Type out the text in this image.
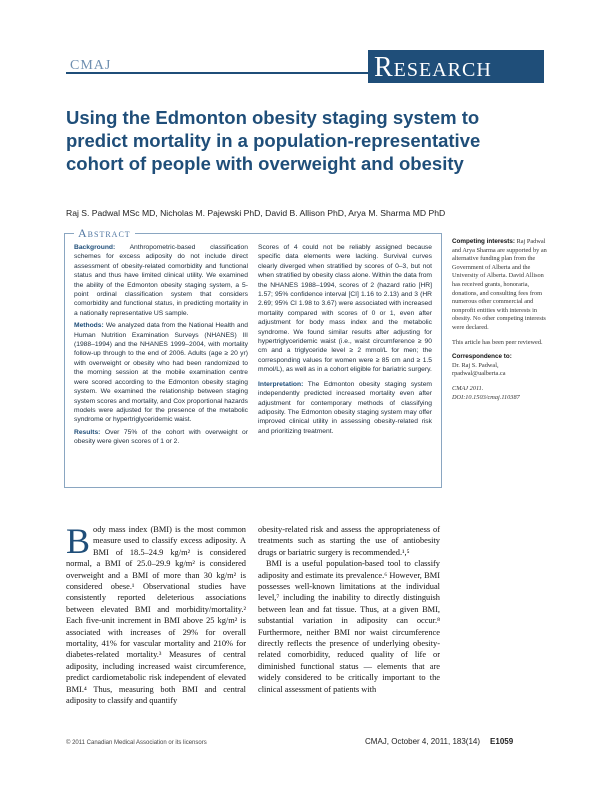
CMAJ	Research
Using the Edmonton obesity staging system to predict mortality in a population-representative cohort of people with overweight and obesity
Raj S. Padwal MSc MD, Nicholas M. Pajewski PhD, David B. Allison PhD, Arya M. Sharma MD PhD
Abstract

Background: Anthropometric-based classification schemes for excess adiposity do not include direct assessment of obesity-related comorbidity and functional status and thus have limited clinical utility. We examined the ability of the Edmonton obesity staging system, a 5-point ordinal classification system that considers comorbidity and functional status, in predicting mortality in a nationally representative US sample.

Methods: We analyzed data from the National Health and Human Nutrition Examination Surveys (NHANES) III (1988–1994) and the NHANES 1999–2004, with mortality follow-up through to the end of 2006. Adults (age ≥ 20 yr) with overweight or obesity who had been randomized to the morning session at the mobile examination centre were scored according to the Edmonton obesity staging system. We examined the relationship between staging system scores and mortality, and Cox proportional hazards models were adjusted for the presence of the metabolic syndrome or hypertriglyceridemic waist.

Results: Over 75% of the cohort with overweight or obesity were given scores of 1 or 2.

Scores of 4 could not be reliably assigned because specific data elements were lacking. Survival curves clearly diverged when stratified by scores of 0–3, but not when stratified by obesity class alone. Within the data from the NHANES 1988–1994, scores of 2 (hazard ratio [HR] 1.57; 95% confidence interval [CI] 1.16 to 2.13) and 3 (HR 2.69; 95% CI 1.98 to 3.67) were associated with increased mortality compared with scores of 0 or 1, even after adjustment for body mass index and the metabolic syndrome. We found similar results after adjusting for hypertriglyceridemic waist (i.e., waist circumference ≥ 90 cm and a triglyceride level ≥ 2 mmol/L for men; the corresponding values for women were ≥ 85 cm and ≥ 1.5 mmol/L), as well as in a cohort eligible for bariatric surgery.

Interpretation: The Edmonton obesity staging system independently predicted increased mortality even after adjustment for contemporary methods of classifying adiposity. The Edmonton obesity staging system may offer improved clinical utility in assessing obesity-related risk and prioritizing treatment.

Competing interests: Raj Padwal and Arya Sharma are supported by an alternative funding plan from the Government of Alberta and the University of Alberta. David Allison has received grants, honoraria, donations, and consulting fees from numerous other commercial and nonprofit entities with interests in obesity. No other competing interests were declared.

This article has been peer reviewed.

Correspondence to:
Dr. Raj S. Padwal, rpadwal@ualberta.ca

CMAJ 2011. DOI:10.1503/cmaj.110387

Body mass index (BMI) is the most common measure used to classify excess adiposity. A BMI of 18.5–24.9 kg/m² is considered normal, a BMI of 25.0–29.9 kg/m² is considered overweight and a BMI of more than 30 kg/m² is considered obese.¹ Observational studies have consistently reported deleterious associations between elevated BMI and morbidity/mortality.² Each five-unit increment in BMI above 25 kg/m² is associated with increases of 29% for overall mortality, 41% for vascular mortality and 210% for diabetes-related mortality.³ Measures of central adiposity, including increased waist circumference, predict cardiometabolic risk independent of elevated BMI.⁴ Thus, measuring both BMI and central adiposity to classify and quantify

obesity-related risk and assess the appropriateness of treatments such as starting the use of antiobesity drugs or bariatric surgery is recommended.¹,⁵

BMI is a useful population-based tool to classify adiposity and estimate its prevalence.⁶ However, BMI possesses well-known limitations at the individual level,⁷ including the inability to directly distinguish between lean and fat tissue. Thus, at a given BMI, substantial variation in adiposity can occur.⁸ Furthermore, neither BMI nor waist circumference directly reflects the presence of underlying obesity-related comorbidity, reduced quality of life or diminished functional status — elements that are widely considered to be critically important to the clinical assessment of patients with

© 2011 Canadian Medical Association or its licensors	CMAJ, October 4, 2011, 183(14) E1059
